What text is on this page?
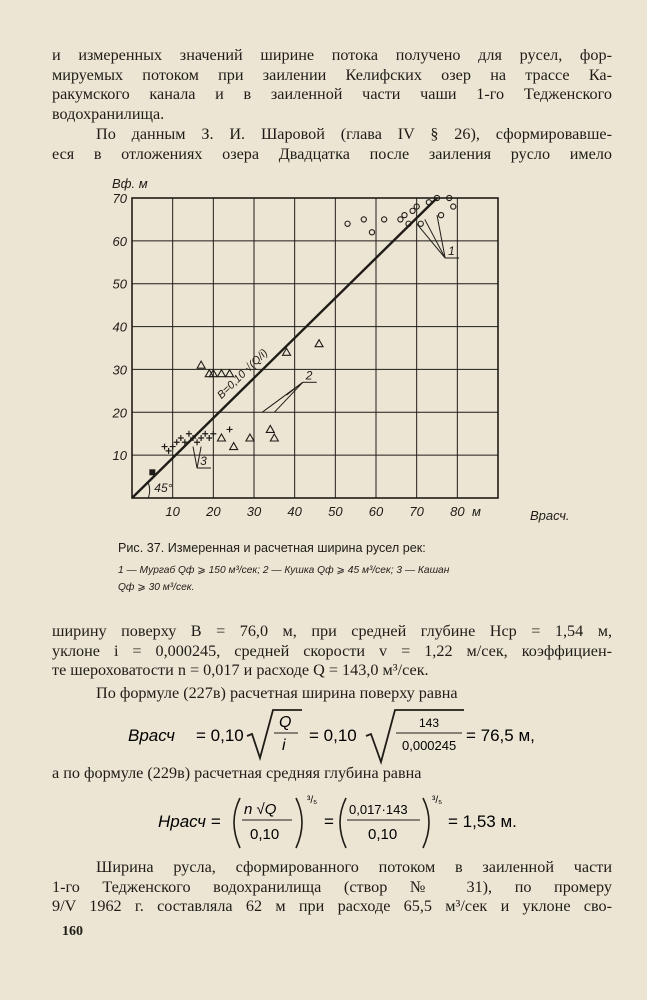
и измеренных значений ширине потока получено для русел, фор-
мируемых потоком при заилении Келифских озер на трассе Ка-
ракумского канала и в заиленной части чаши 1-го Теджeнского
водохранилища.

По данным З. И. Шаровой (глава IV § 26), сформировавше-
еся в отложениях озера Двадцатка после заиления русло имело

10 20 30 40 50 60 70 80
10
20
30
40
50
60
70
м	Bрасч.
Bф. м
B=0,10 √(Q/i)
45°
1
2
3
Рис. 37. Измеренная и расчетная ширина русел рек:
1 — Мургаб Qф ⩾ 150 м³/сек; 2 — Кушка Qф ⩾ 45 м³/сек; 3 — Кашан
Qф ⩾ 30 м³/сек.

ширину поверху B = 76,0 м, при средней глубине Hср = 1,54 м,
уклоне i = 0,000245, средней скорости v = 1,22 м/сек, коэффициен-
те шероховатости n = 0,017 и расходе Q = 143,0 м³/сек.

По формуле (227в) расчетная ширина поверху равна

Bрасч = 0,10
Q
i
= 0,10
143
0,000245
= 76,5 м,

а по формуле (229в) расчетная средняя глубина равна

Hрасч =
n √Q
0,10
³/₅
=
0,017·143
0,10
³/₅
= 1,53 м.

Ширина русла, сформированного потоком в заиленной части
1-го Теджeнского водохранилища (створ № 31), по промеру
9/V 1962 г. составляла 62 м при расходе 65,5 м³/сек и уклоне сво-

160
